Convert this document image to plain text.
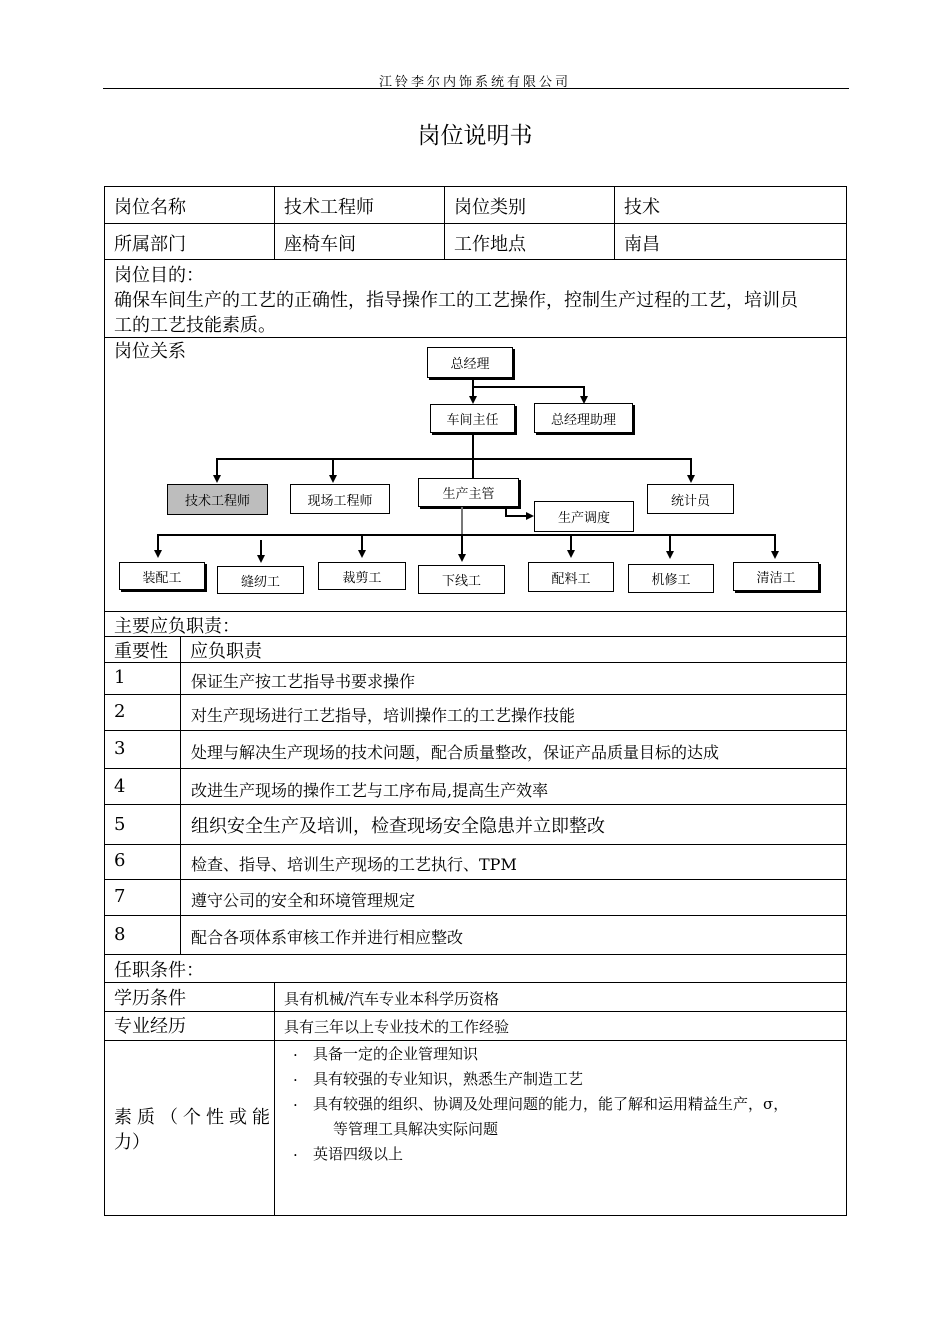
江铃李尔内饰系统有限公司
岗位说明书
岗位名称	技术工程师	岗位类别	技术
所属部门	座椅车间	工作地点	南昌
岗位目的：
确保车间生产的工艺的正确性，指导操作工的工艺操作，控制生产过程的工艺，培训员
工的工艺技能素质。
岗位关系
总经理
车间主任	总经理助理
技术工程师	现场工程师	生产主管	统计员
生产调度
装配工	缝纫工	裁剪工	下线工	配料工	机修工	清洁工
主要应负职责：
重要性 应负职责
1	保证生产按工艺指导书要求操作
2	对生产现场进行工艺指导，培训操作工的工艺操作技能
3	处理与解决生产现场的技术问题，配合质量整改，保证产品质量目标的达成
4	改进生产现场的操作工艺与工序布局,提高生产效率
5	组织安全生产及培训，检查现场安全隐患并立即整改
6	检查、指导、培训生产现场的工艺执行、TPM
7	遵守公司的安全和环境管理规定
8	配合各项体系审核工作并进行相应整改
任职条件：
学历条件	具有机械/汽车专业本科学历资格
专业经历	具有三年以上专业技术的工作经验
素质（个性或能
力）
. 具备一定的企业管理知识
. 具有较强的专业知识，熟悉生产制造工艺
. 具有较强的组织、协调及处理问题的能力，能了解和运用精益生产，σ，
等管理工具解决实际问题
. 英语四级以上
